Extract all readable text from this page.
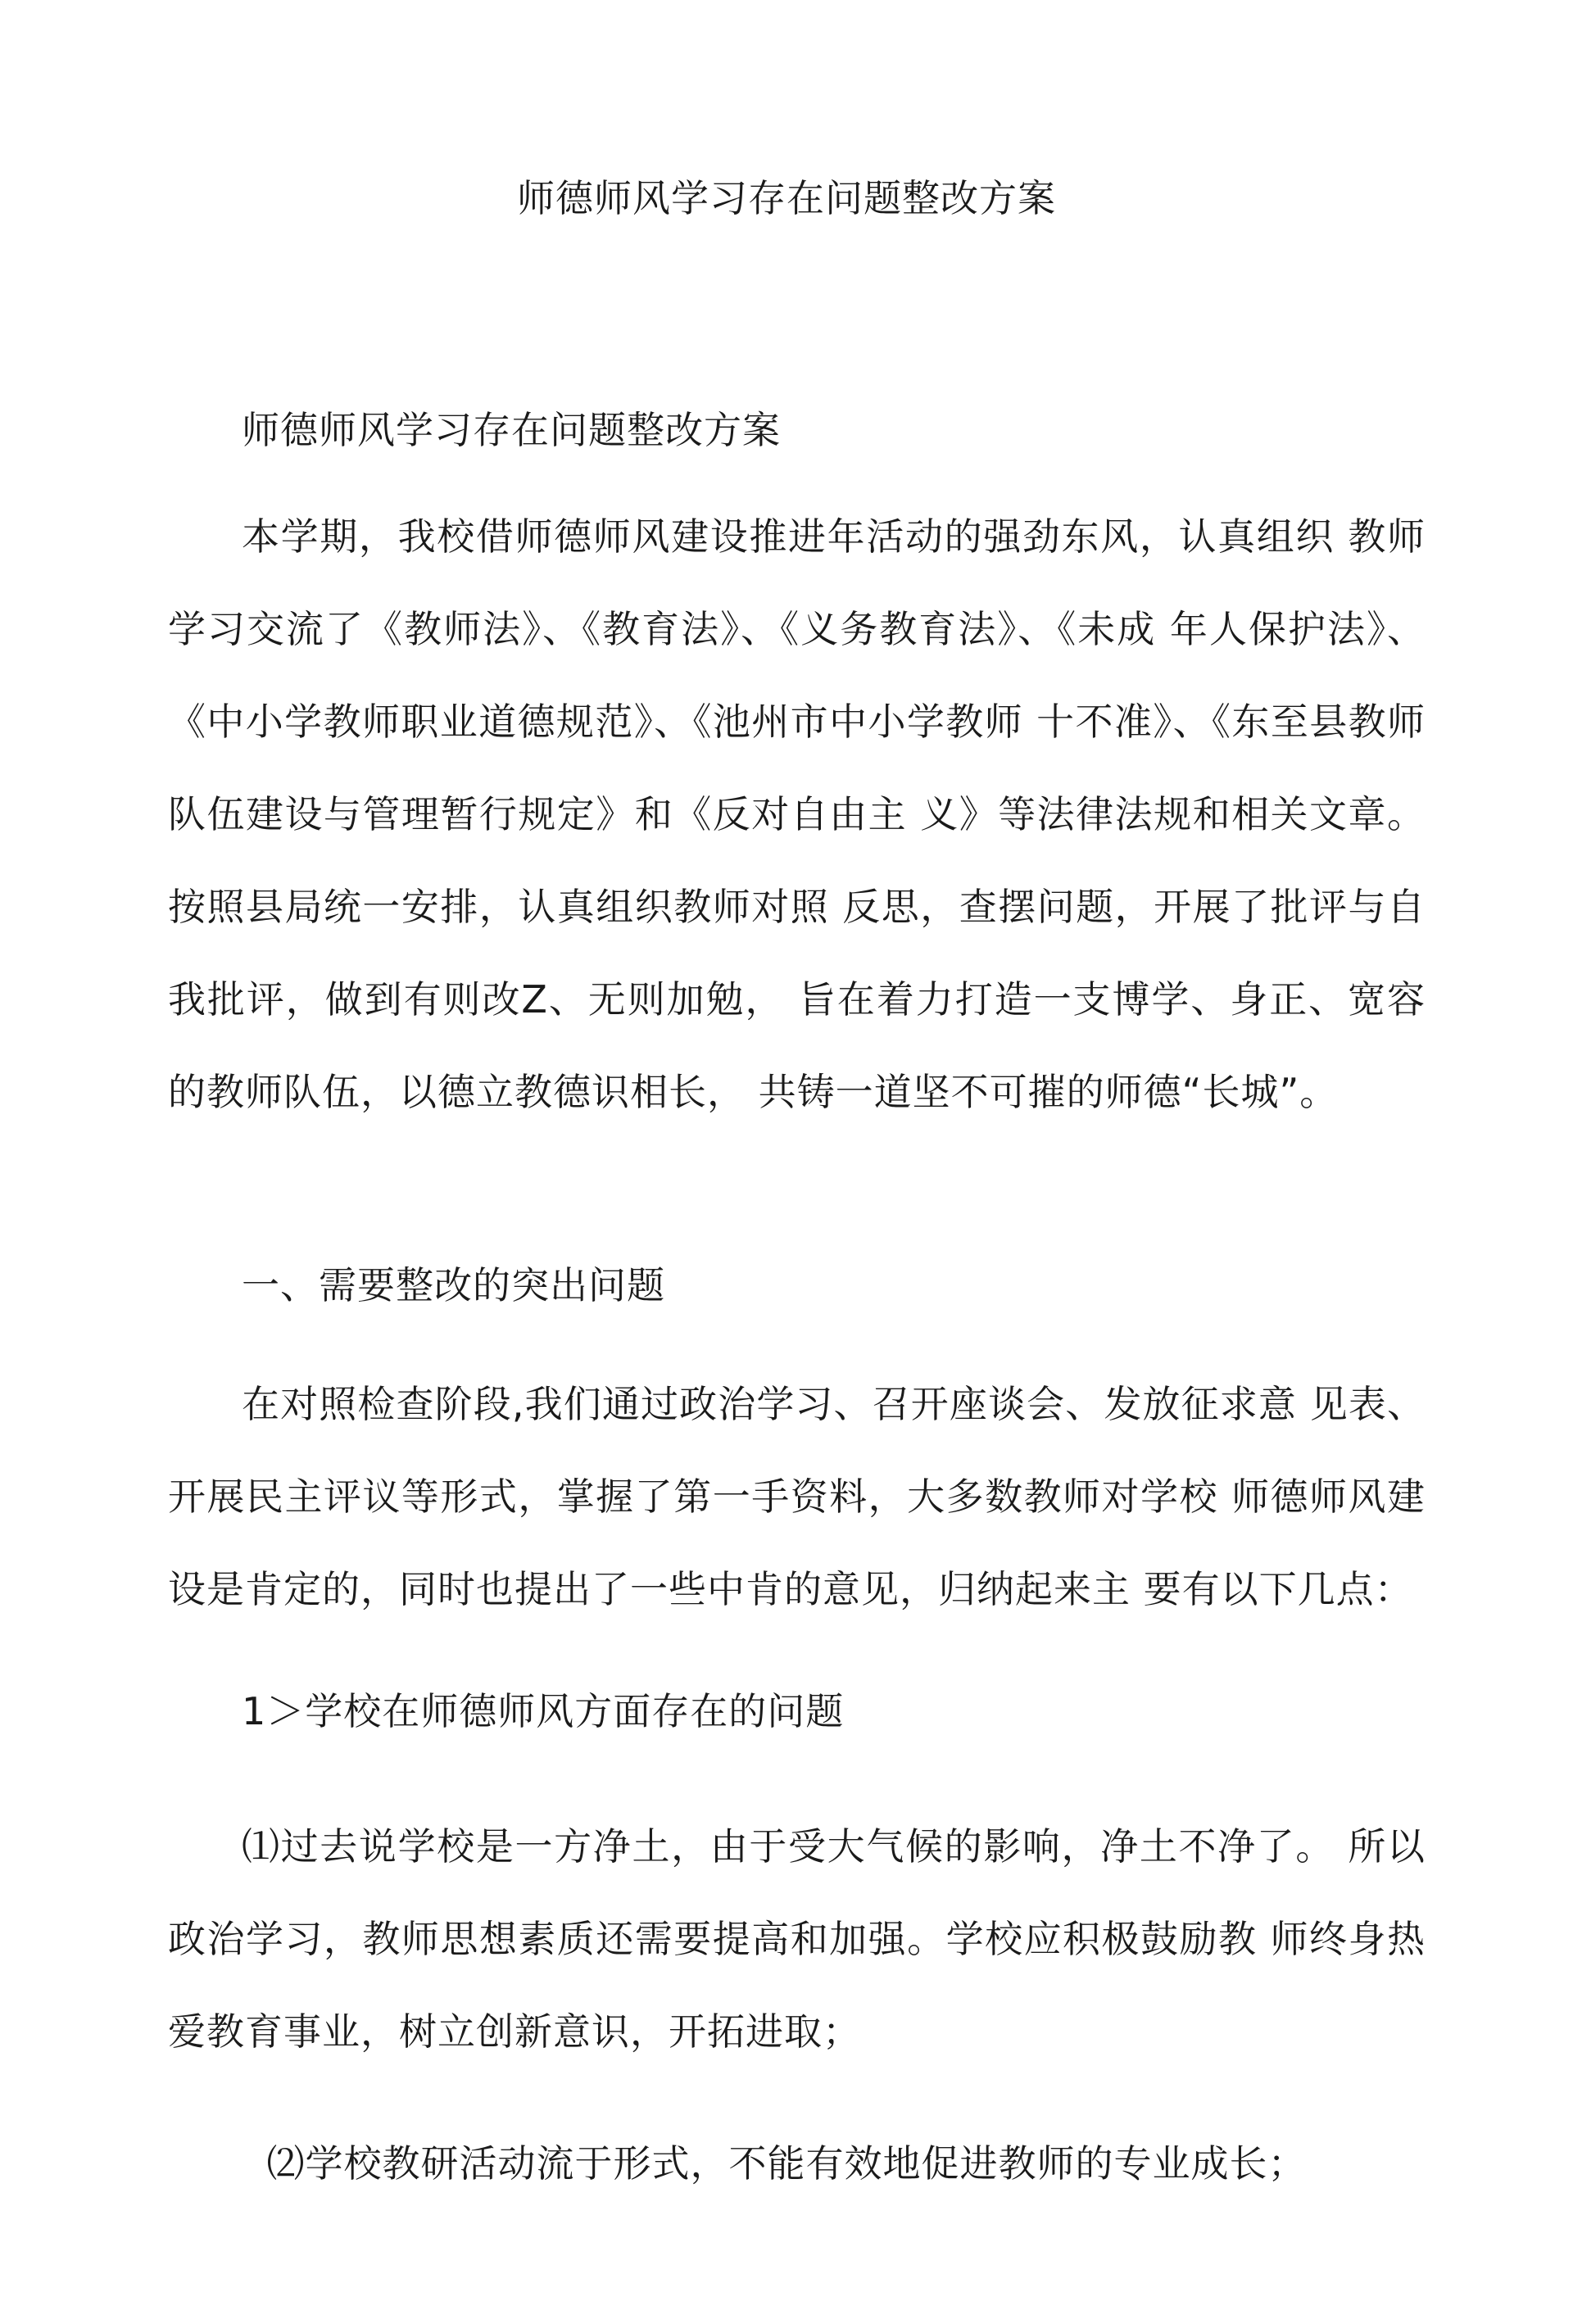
师德师风学习存在问题整改方案
师德师风学习存在问题整改方案
本学期，我校借师德师风建设推进年活动的强劲东风，认真组织 教师学习交流了《教师法》、《教育法》、《义务教育法》、《未成 年人保护法》、《中小学教师职业道德规范》、《池州市中小学教师 十不准》、《东至县教师队伍建设与管理暂行规定》和《反对自由主 义》等法律法规和相关文章。按照县局统一安排，认真组织教师对照 反思，查摆问题，开展了批评与自我批评，做到有则改Z、无则加勉， 旨在着力打造一支博学、身正、宽容的教师队伍，以德立教德识相长， 共铸一道坚不可摧的师德“长城”。
一、需要整改的突出问题
在对照检查阶段,我们通过政治学习、召开座谈会、发放征求意 见表、开展民主评议等形式，掌握了第一手资料，大多数教师对学校 师德师风建设是肯定的，同时也提出了一些中肯的意见，归纳起来主 要有以下几点：
1＞学校在师德师风方面存在的问题
⑴过去说学校是一方净土，由于受大气候的影响，净土不净了。 所以政治学习，教师思想素质还需要提高和加强。学校应积极鼓励教 师终身热爱教育事业，树立创新意识，开拓进取；
⑵学校教研活动流于形式，不能有效地促进教师的专业成长；
